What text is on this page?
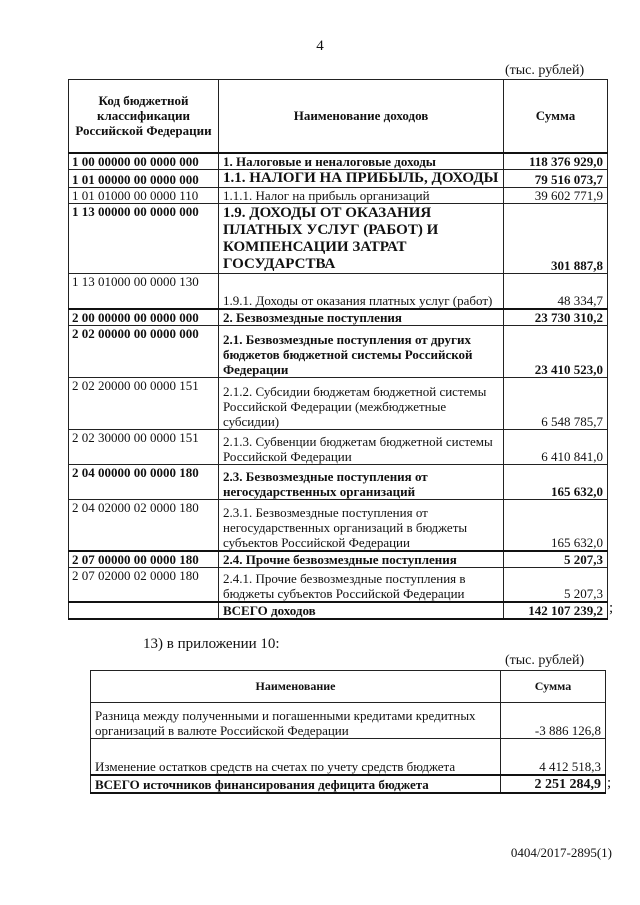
4
(тыс. рублей)
Код бюджетной классификации Российской Федерации	Наименование доходов	Сумма
1 00 00000 00 0000 000	1. Налоговые и неналоговые доходы	118 376 929,0
1 01 00000 00 0000 000	1.1. НАЛОГИ НА ПРИБЫЛЬ, ДОХОДЫ	79 516 073,7
1 01 01000 00 0000 110	1.1.1. Налог на прибыль организаций	39 602 771,9
1 13 00000 00 0000 000	1.9. ДОХОДЫ ОТ ОКАЗАНИЯ ПЛАТНЫХ УСЛУГ (РАБОТ) И КОМПЕНСАЦИИ ЗАТРАТ ГОСУДАРСТВА	301 887,8
1 13 01000 00 0000 130	1.9.1. Доходы от оказания платных услуг (работ)	48 334,7
2 00 00000 00 0000 000	2. Безвозмездные поступления	23 730 310,2
2 02 00000 00 0000 000	2.1. Безвозмездные поступления от других бюджетов бюджетной системы Российской Федерации	23 410 523,0
2 02 20000 00 0000 151	2.1.2. Субсидии бюджетам бюджетной системы Российской Федерации (межбюджетные субсидии)	6 548 785,7
2 02 30000 00 0000 151	2.1.3. Субвенции бюджетам бюджетной системы Российской Федерации	6 410 841,0
2 04 00000 00 0000 180	2.3. Безвозмездные поступления от негосударственных организаций	165 632,0
2 04 02000 02 0000 180	2.3.1. Безвозмездные поступления от негосударственных организаций в бюджеты субъектов Российской Федерации	165 632,0
2 07 00000 00 0000 180	2.4. Прочие безвозмездные поступления	5 207,3
2 07 02000 02 0000 180	2.4.1. Прочие безвозмездные поступления в бюджеты субъектов Российской Федерации	5 207,3
	ВСЕГО доходов	142 107 239,2 ;
13) в приложении 10:
(тыс. рублей)
Наименование	Сумма
Разница между полученными и погашенными кредитами кредитных организаций в валюте Российской Федерации	-3 886 126,8
Изменение остатков средств на счетах по учету средств бюджета	4 412 518,3
ВСЕГО источников финансирования дефицита бюджета	2 251 284,9 ;
0404/2017-2895(1)
